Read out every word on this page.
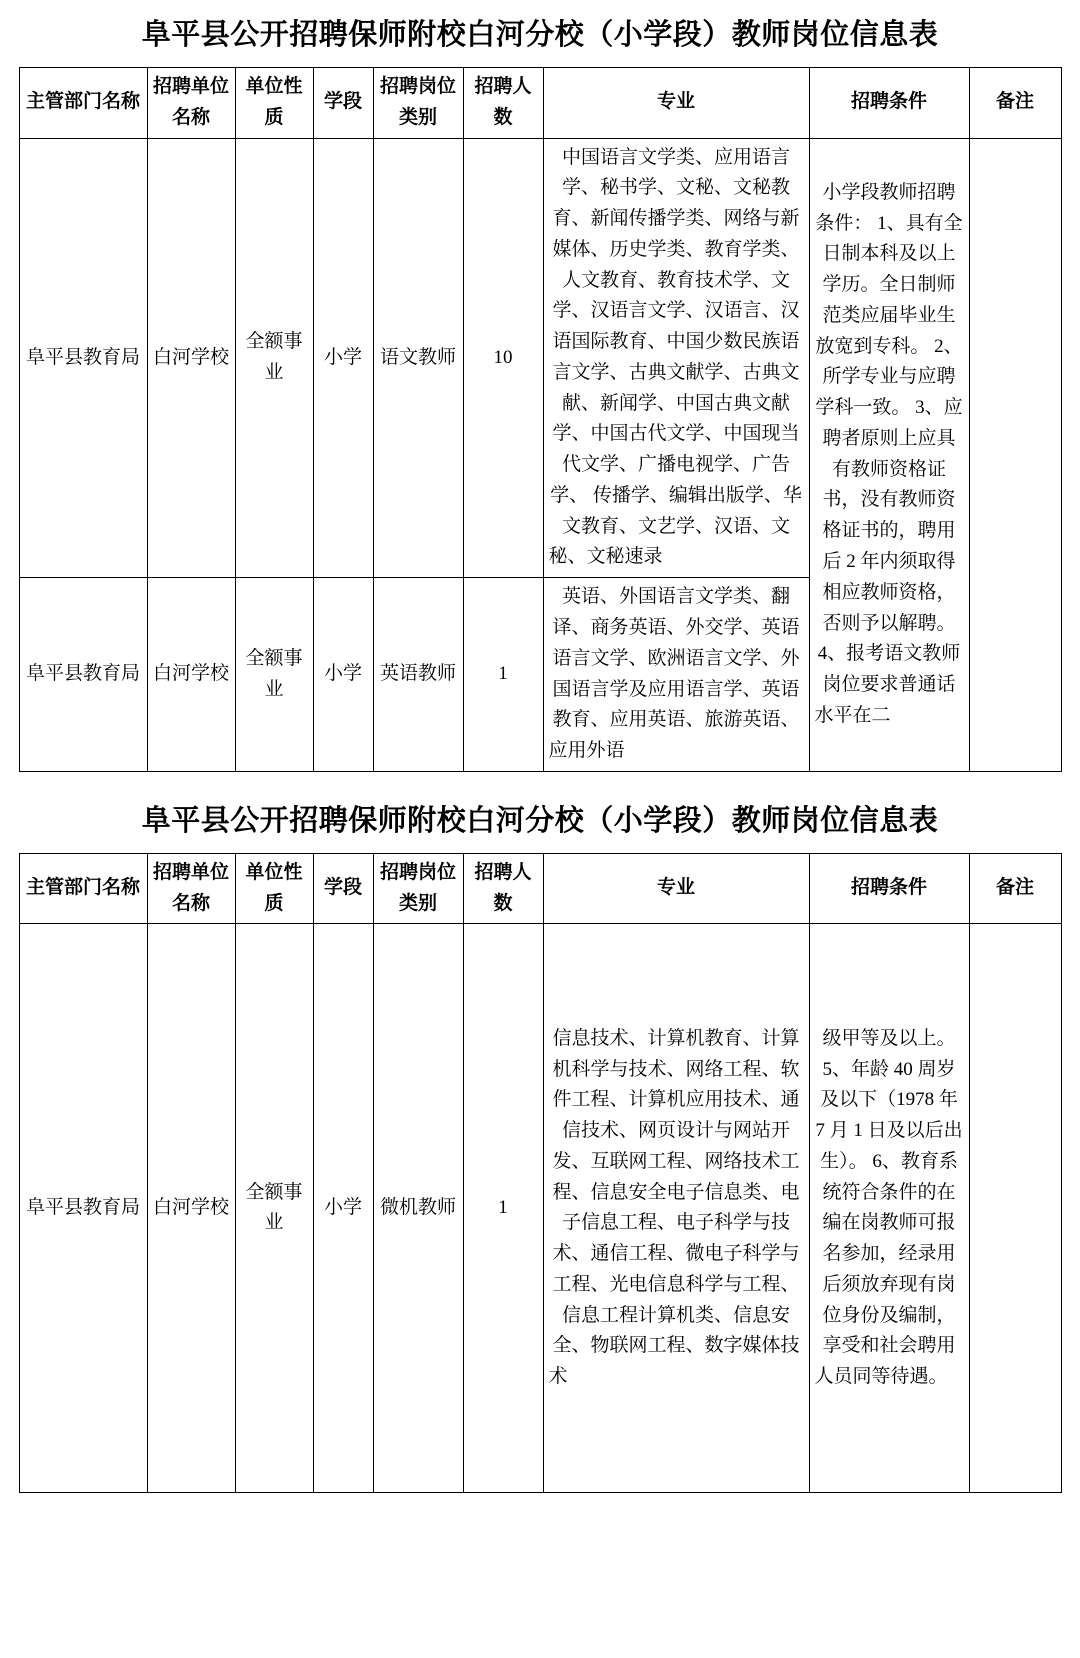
阜平县公开招聘保师附校白河分校（小学段）教师岗位信息表
主管部门名称	招聘单位名称	单位性质	学段	招聘岗位类别	招聘人数	专业	招聘条件	备注
阜平县教育局	白河学校	全额事业	小学	语文教师	10	中国语言文学类、应用语言学、秘书学、文秘、文秘教育、新闻传播学类、网络与新媒体、历史学类、教育学类、人文教育、教育技术学、文学、汉语言文学、汉语言、汉语国际教育、中国少数民族语言文学、古典文献学、古典文献、新闻学、中国古典文献学、中国古代文学、中国现当代文学、广播电视学、广告学、 传播学、编辑出版学、华文教育、文艺学、汉语、文秘、文秘速录	小学段教师招聘条件： 1、具有全日制本科及以上学历。全日制师范类应届毕业生放宽到专科。 2、所学专业与应聘学科一致。 3、应聘者原则上应具有教师资格证书，没有教师资格证书的，聘用后 2 年内须取得相应教师资格，否则予以解聘。 4、报考语文教师岗位要求普通话水平在二	
阜平县教育局	白河学校	全额事业	小学	英语教师	1	英语、外国语言文学类、翻译、商务英语、外交学、英语语言文学、欧洲语言文学、外国语言学及应用语言学、英语教育、应用英语、旅游英语、应用外语		
阜平县公开招聘保师附校白河分校（小学段）教师岗位信息表
主管部门名称	招聘单位名称	单位性质	学段	招聘岗位类别	招聘人数	专业	招聘条件	备注
阜平县教育局	白河学校	全额事业	小学	微机教师	1	信息技术、计算机教育、计算机科学与技术、网络工程、软件工程、计算机应用技术、通信技术、网页设计与网站开发、互联网工程、网络技术工程、信息安全电子信息类、电子信息工程、电子科学与技术、通信工程、微电子科学与工程、光电信息科学与工程、信息工程计算机类、信息安全、物联网工程、数字媒体技术	级甲等及以上。 5、年龄 40 周岁及以下（1978 年 7 月 1 日及以后出生）。 6、教育系统符合条件的在编在岗教师可报名参加，经录用后须放弃现有岗位身份及编制，享受和社会聘用人员同等待遇。	
